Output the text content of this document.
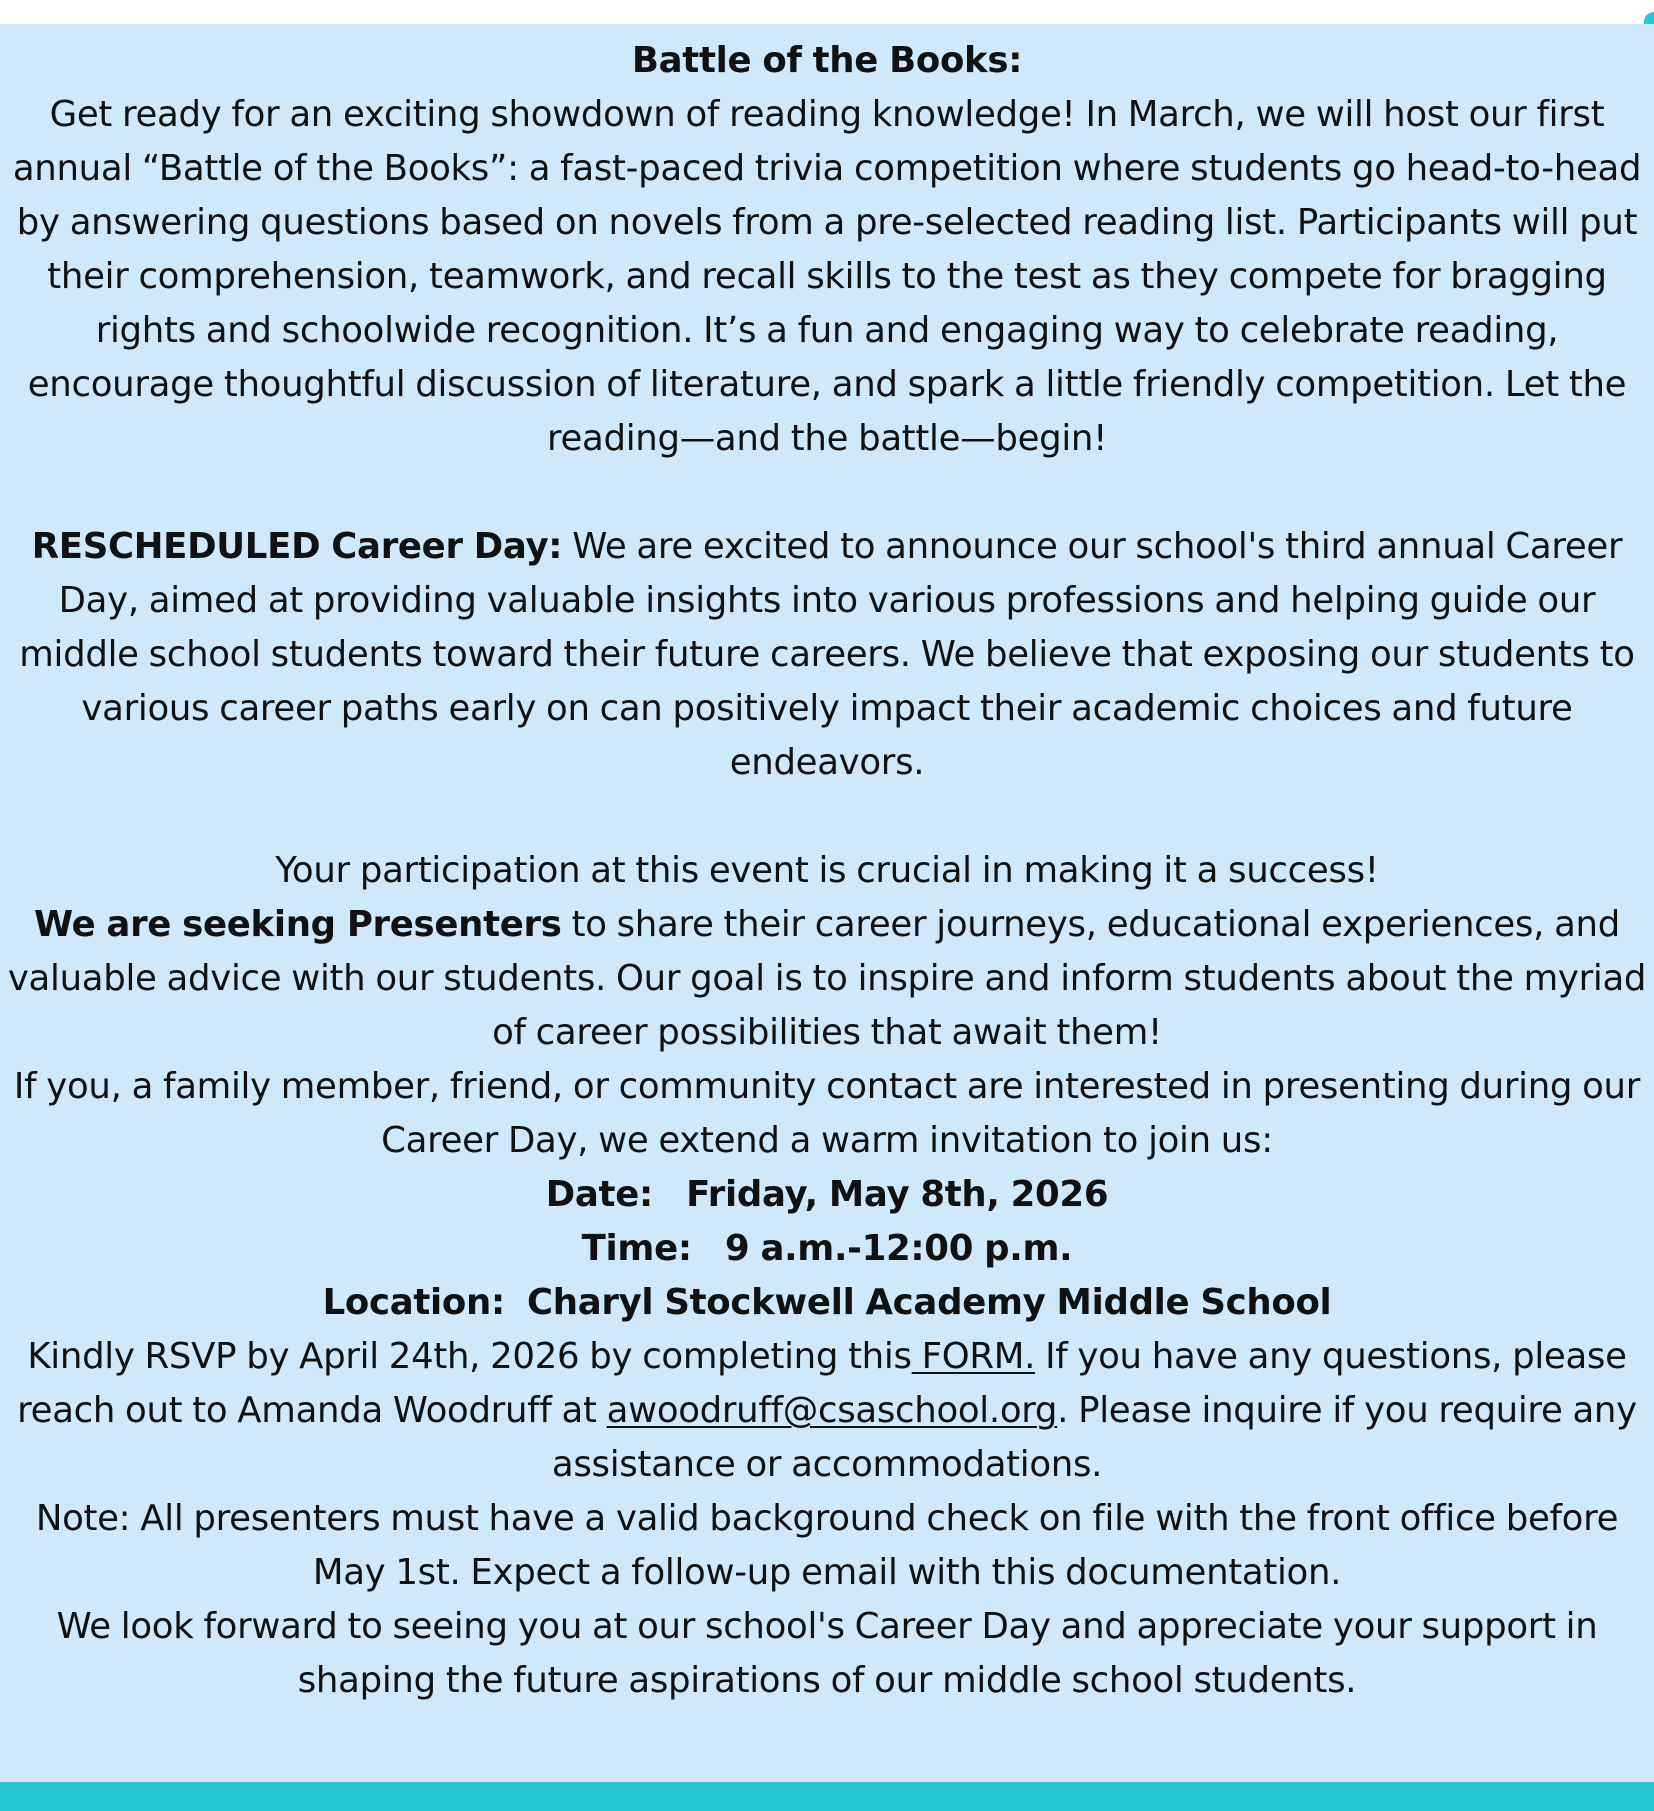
Battle of the Books:

Get ready for an exciting showdown of reading knowledge! In March, we will host our first annual “Battle of the Books”: a fast-paced trivia competition where students go head-to-head by answering questions based on novels from a pre-selected reading list. Participants will put their comprehension, teamwork, and recall skills to the test as they compete for bragging rights and schoolwide recognition. It’s a fun and engaging way to celebrate reading, encourage thoughtful discussion of literature, and spark a little friendly competition. Let the reading—and the battle—begin!

RESCHEDULED Career Day: We are excited to announce our school's third annual Career Day, aimed at providing valuable insights into various professions and helping guide our middle school students toward their future careers. We believe that exposing our students to various career paths early on can positively impact their academic choices and future endeavors.

Your participation at this event is crucial in making it a success!

We are seeking Presenters to share their career journeys, educational experiences, and valuable advice with our students. Our goal is to inspire and inform students about the myriad of career possibilities that await them!

If you, a family member, friend, or community contact are interested in presenting during our Career Day, we extend a warm invitation to join us:

Date: Friday, May 8th, 2026

Time: 9 a.m.-12:00 p.m.

Location: Charyl Stockwell Academy Middle School

Kindly RSVP by April 24th, 2026 by completing this FORM. If you have any questions, please reach out to Amanda Woodruff at awoodruff@csaschool.org. Please inquire if you require any assistance or accommodations.

Note: All presenters must have a valid background check on file with the front office before May 1st. Expect a follow-up email with this documentation.

We look forward to seeing you at our school's Career Day and appreciate your support in shaping the future aspirations of our middle school students.
